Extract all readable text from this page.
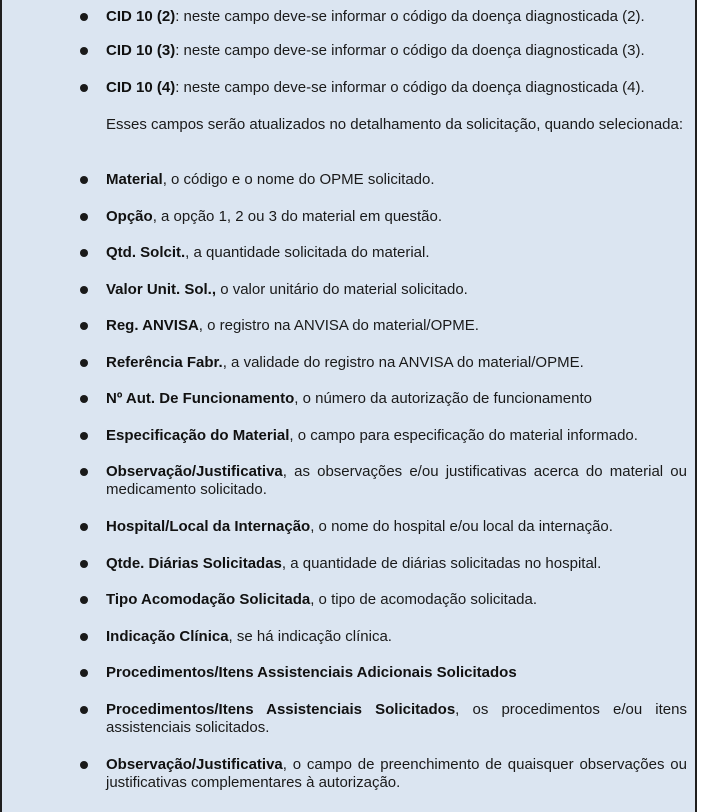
CID 10 (2): neste campo deve-se informar o código da doença diagnosticada (2).
CID 10 (3): neste campo deve-se informar o código da doença diagnosticada (3).
CID 10 (4): neste campo deve-se informar o código da doença diagnosticada (4).
Esses campos serão atualizados no detalhamento da solicitação, quando selecionada:
Material, o código e o nome do OPME solicitado.
Opção, a opção 1, 2 ou 3 do material em questão.
Qtd. Solcit., a quantidade solicitada do material.
Valor Unit. Sol., o valor unitário do material solicitado.
Reg. ANVISA, o registro na ANVISA do material/OPME.
Referência Fabr., a validade do registro na ANVISA do material/OPME.
Nº Aut. De Funcionamento, o número da autorização de funcionamento
Especificação do Material, o campo para especificação do material informado.
Observação/Justificativa, as observações e/ou justificativas acerca do material ou medicamento solicitado.
Hospital/Local da Internação, o nome do hospital e/ou local da internação.
Qtde. Diárias Solicitadas, a quantidade de diárias solicitadas no hospital.
Tipo Acomodação Solicitada, o tipo de acomodação solicitada.
Indicação Clínica, se há indicação clínica.
Procedimentos/Itens Assistenciais Adicionais Solicitados
Procedimentos/Itens Assistenciais Solicitados, os procedimentos e/ou itens assistenciais solicitados.
Observação/Justificativa, o campo de preenchimento de quaisquer observações ou justificativas complementares à autorização.
